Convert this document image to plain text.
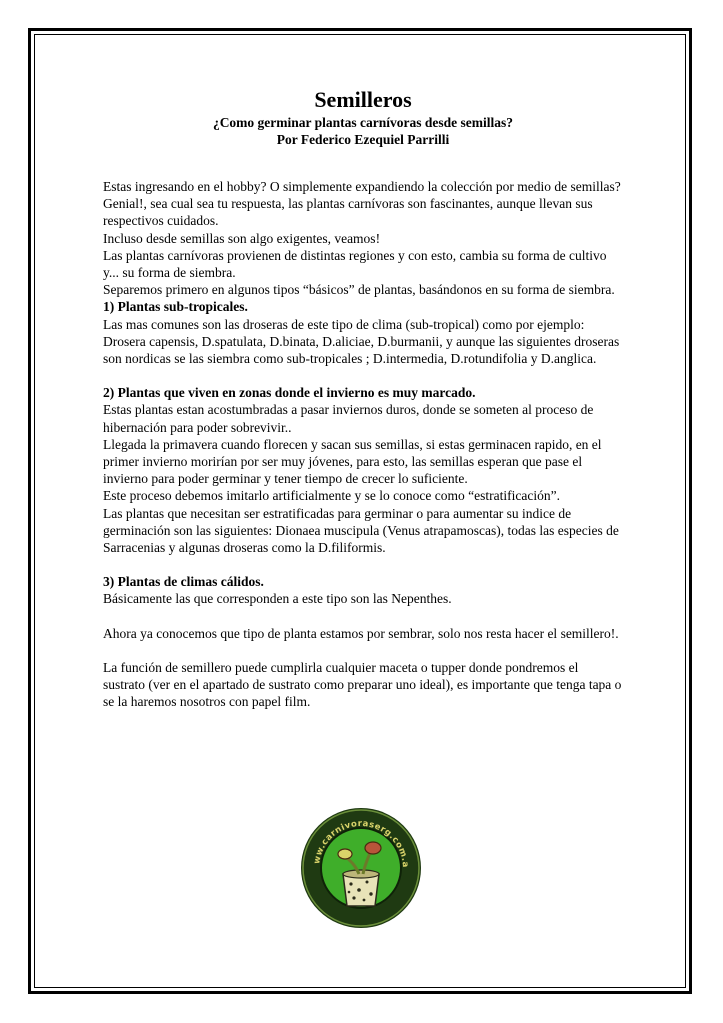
Semilleros

¿Como germinar plantas carnívoras desde semillas?

Por Federico Ezequiel Parrilli

Estas ingresando en el hobby? O simplemente expandiendo la colección por medio de semillas?

Genial!, sea cual sea tu respuesta, las plantas carnívoras son fascinantes, aunque llevan sus respectivos cuidados.

Incluso desde semillas son algo exigentes, veamos!

Las plantas carnívoras provienen de distintas regiones y con esto, cambia su forma de cultivo y... su forma de siembra.

Separemos primero en algunos tipos “básicos” de plantas, basándonos en su forma de siembra.

1) Plantas sub-tropicales.

Las mas comunes son las droseras de este tipo de clima (sub-tropical) como por ejemplo:

Drosera capensis, D.spatulata, D.binata, D.aliciae, D.burmanii, y aunque las siguientes droseras son nordicas se las siembra como sub-tropicales ; D.intermedia, D.rotundifolia y D.anglica.

2) Plantas que viven en zonas donde el invierno es muy marcado.

Estas plantas estan acostumbradas a pasar inviernos duros, donde se someten al proceso de hibernación para poder sobrevivir..

Llegada la primavera cuando florecen y sacan sus semillas, si estas germinacen rapido, en el primer invierno morirían por ser muy jóvenes, para esto, las semillas esperan que pase el invierno para poder germinar y tener tiempo de crecer lo suficiente.

Este proceso debemos imitarlo artificialmente y se lo conoce como “estratificación”.

Las plantas que necesitan ser estratificadas para germinar o para aumentar su indice de germinación son las siguientes: Dionaea muscipula (Venus atrapamoscas), todas las especies de Sarracenias y algunas droseras como la D.filiformis.

3) Plantas de climas cálidos.

Básicamente las que corresponden a este tipo son las Nepenthes.

Ahora ya conocemos que tipo de planta estamos por sembrar, solo nos resta hacer el semillero!.

La función de semillero puede cumplirla cualquier maceta o tupper donde pondremos el sustrato (ver en el apartado de sustrato como preparar uno ideal), es importante que tenga tapa o se la haremos nosotros con papel film.

ww.carnivoraserg.com.a
